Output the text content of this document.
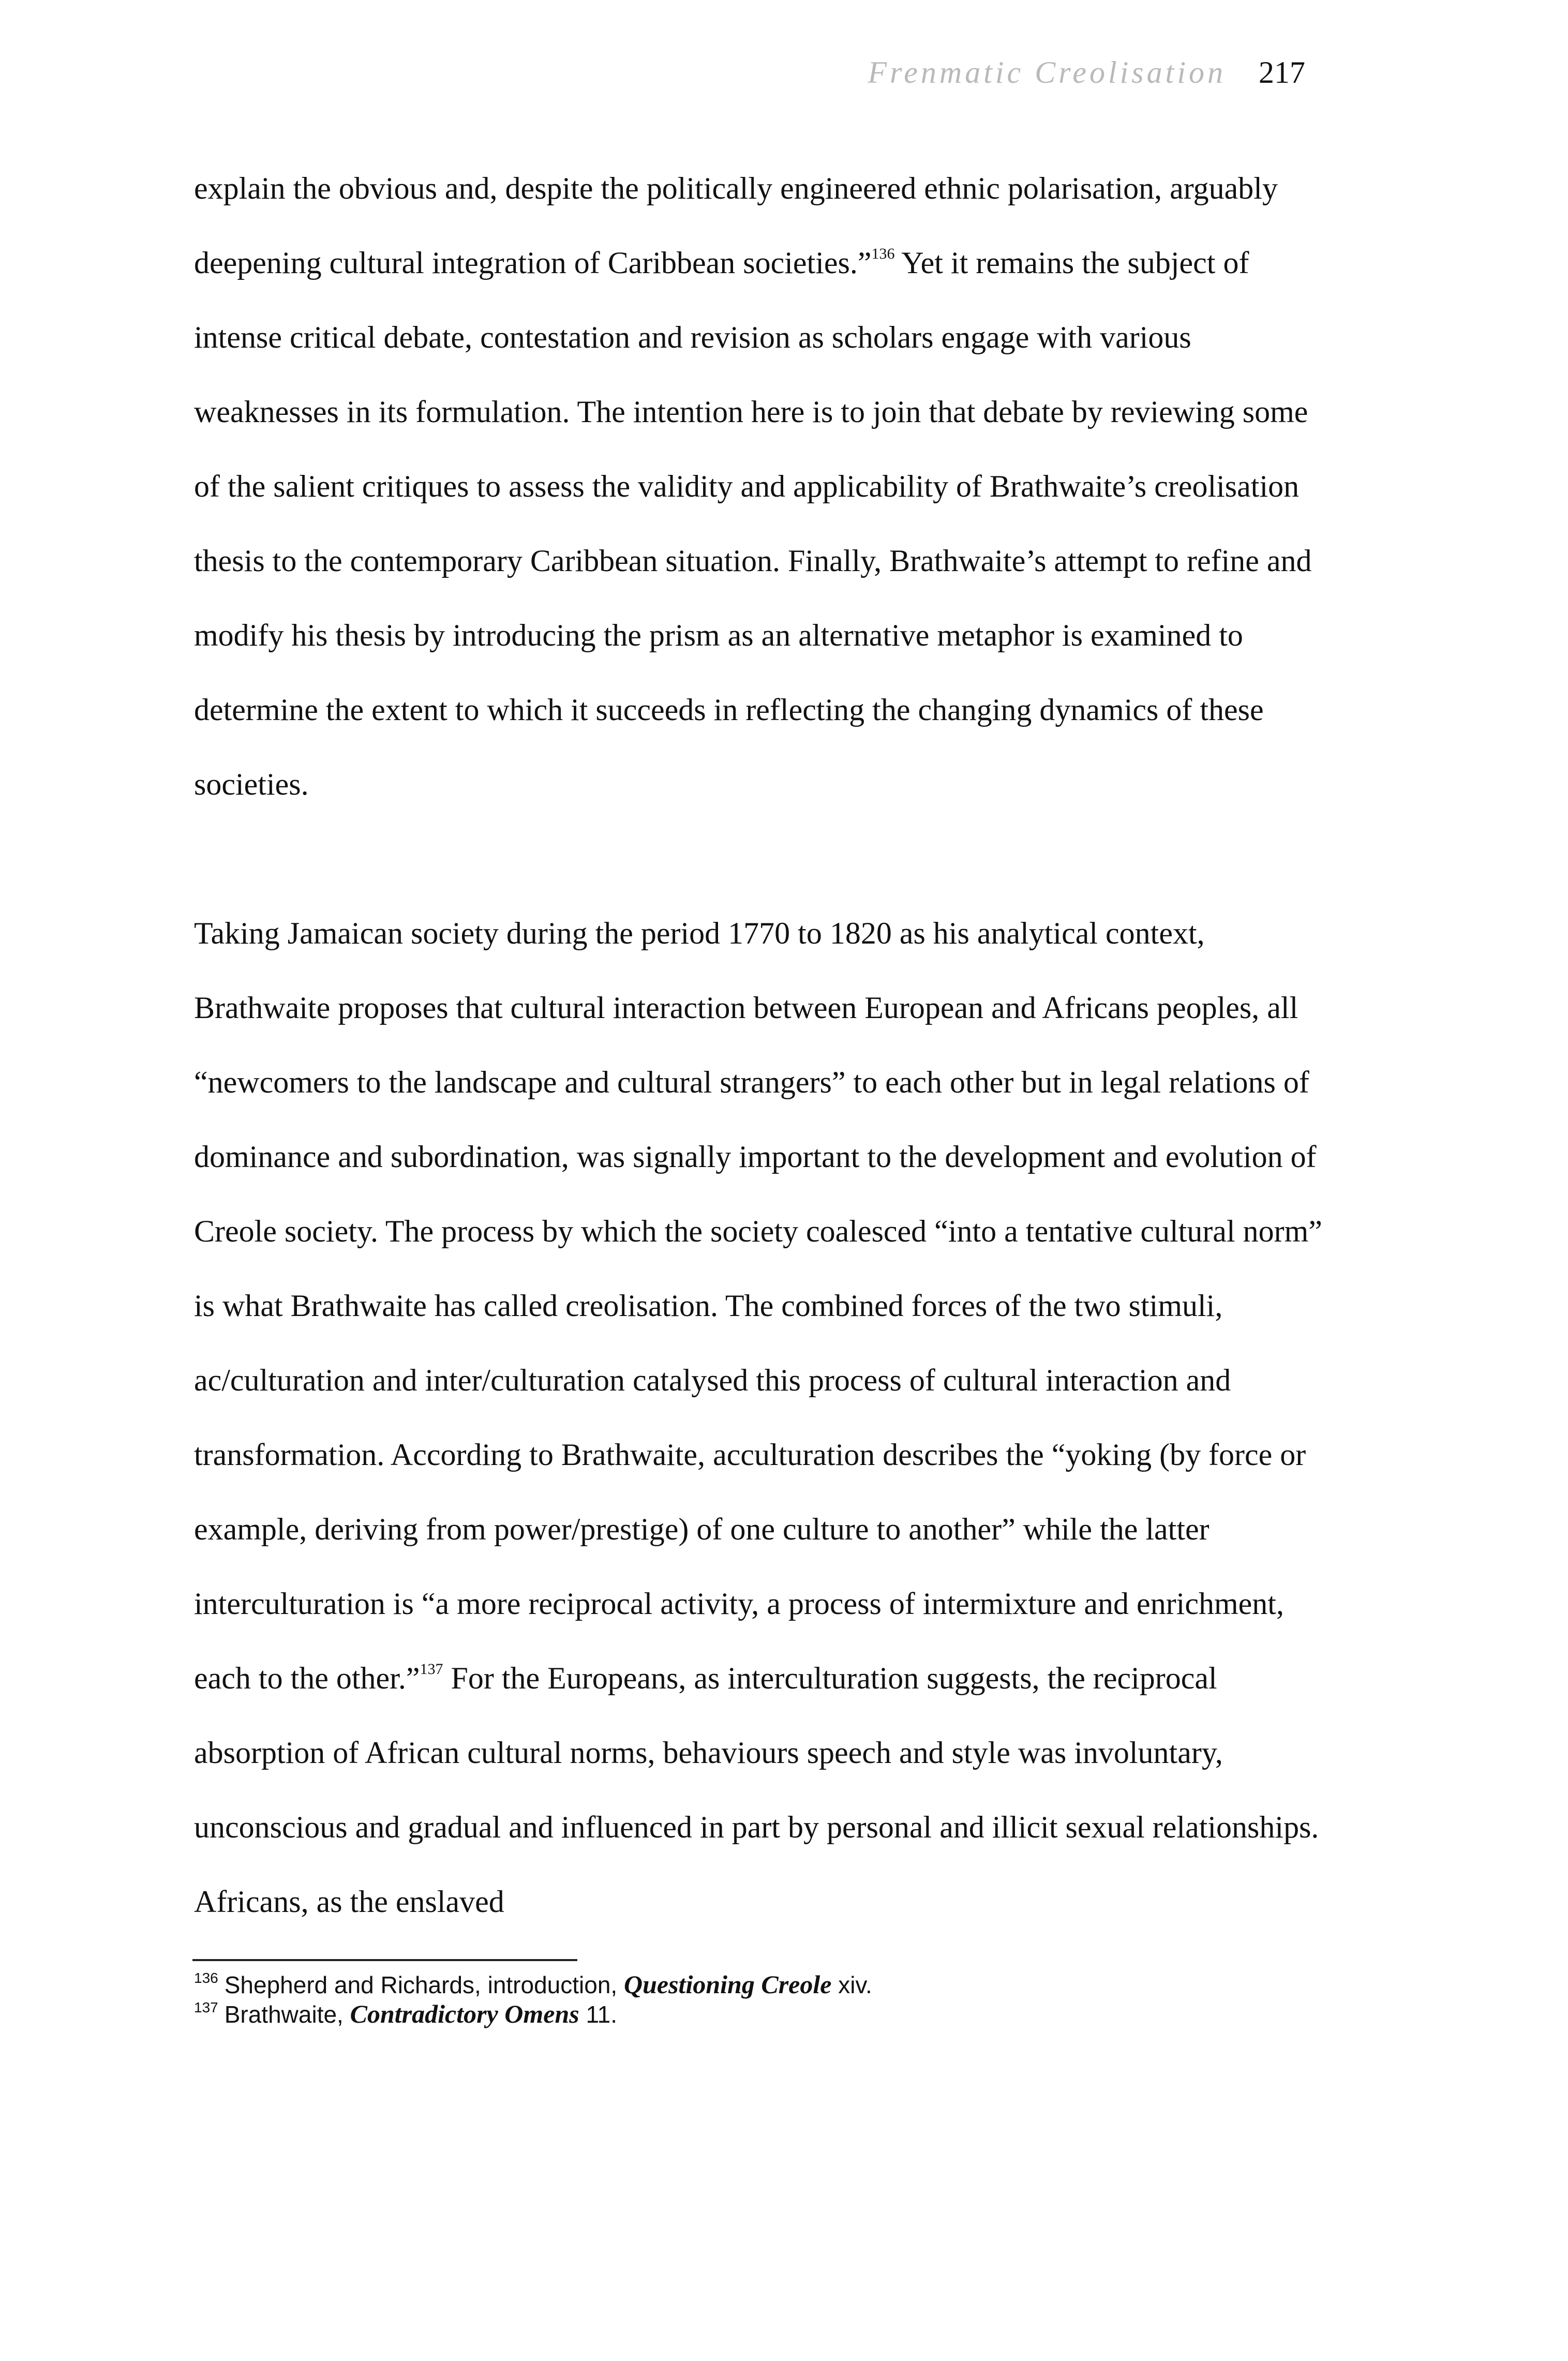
Frenmatic Creolisation 217

explain the obvious and, despite the politically engineered ethnic polarisation, arguably deepening cultural integration of Caribbean societies.”$^{136}$ Yet it remains the subject of intense critical debate, contestation and revision as scholars engage with various weaknesses in its formulation. The intention here is to join that debate by reviewing some of the salient critiques to assess the validity and applicability of Brathwaite’s creolisation thesis to the contemporary Caribbean situation. Finally, Brathwaite’s attempt to refine and modify his thesis by introducing the prism as an alternative metaphor is examined to determine the extent to which it succeeds in reflecting the changing dynamics of these societies.

Taking Jamaican society during the period 1770 to 1820 as his analytical context, Brathwaite proposes that cultural interaction between European and Africans peoples, all “newcomers to the landscape and cultural strangers” to each other but in legal relations of dominance and subordination, was signally important to the development and evolution of Creole society. The process by which the society coalesced “into a tentative cultural norm” is what Brathwaite has called creolisation. The combined forces of the two stimuli, ac/culturation and inter/culturation catalysed this process of cultural interaction and transformation. According to Brathwaite, acculturation describes the “yoking (by force or example, deriving from power/prestige) of one culture to another” while the latter interculturation is “a more reciprocal activity, a process of intermixture and enrichment, each to the other.”$^{137}$ For the Europeans, as interculturation suggests, the reciprocal absorption of African cultural norms, behaviours speech and style was involuntary, unconscious and gradual and influenced in part by personal and illicit sexual relationships. Africans, as the enslaved

$^{136}$ Shepherd and Richards, introduction, Questioning Creole xiv.
$^{137}$ Brathwaite, Contradictory Omens 11.
